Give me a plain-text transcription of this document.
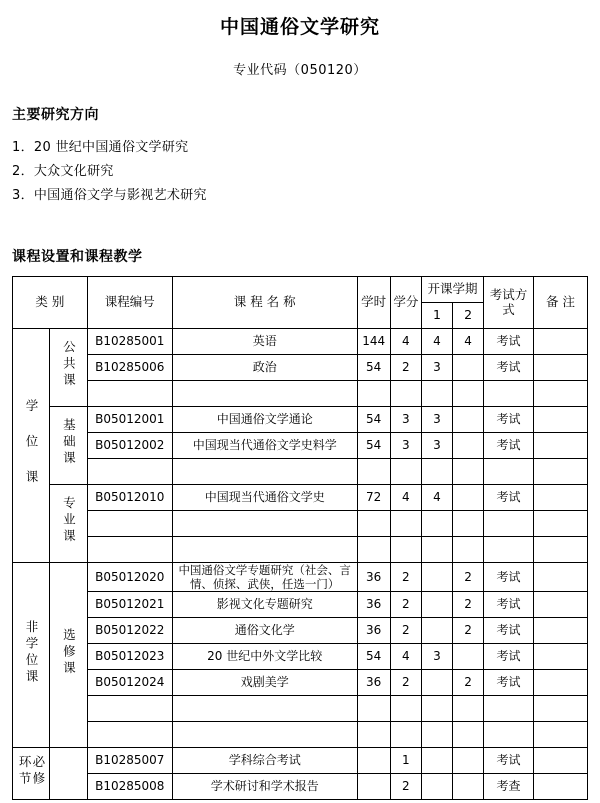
中国通俗文学研究
专业代码（050120）
主要研究方向
1．20 世纪中国通俗文学研究
2．大众文化研究
3．中国通俗文学与影视艺术研究
课程设置和课程教学
类 别		课程编号	课 程 名 称	学时	学分	开课学期		考试方式	备 注
						1	2		
学 位 课	公共课	B10285001	英语	144	4	4	4	考试	
		B10285006	政治	54	2	3		考试	

	基础课	B05012001	中国通俗文学通论	54	3	3		考试	
		B05012002	中国现当代通俗文学史料学	54	3	3		考试	

	专业课	B05012010	中国现当代通俗文学史	72	4	4		考试	

非学位课	选修课	B05012020	中国通俗文学专题研究（社会、言情、侦探、武侠，任选一门）	36	2		2	考试	
		B05012021	影视文化专题研究	36	2		2	考试	
		B05012022	通俗文化学	36	2		2	考试	
		B05012023	20 世纪中外文学比较	54	4	3		考试	
		B05012024	戏剧美学	36	2		2	考试	

必修环节		B10285007	学科综合考试		1			考试	
		B10285008	学术研讨和学术报告		2			考查	
